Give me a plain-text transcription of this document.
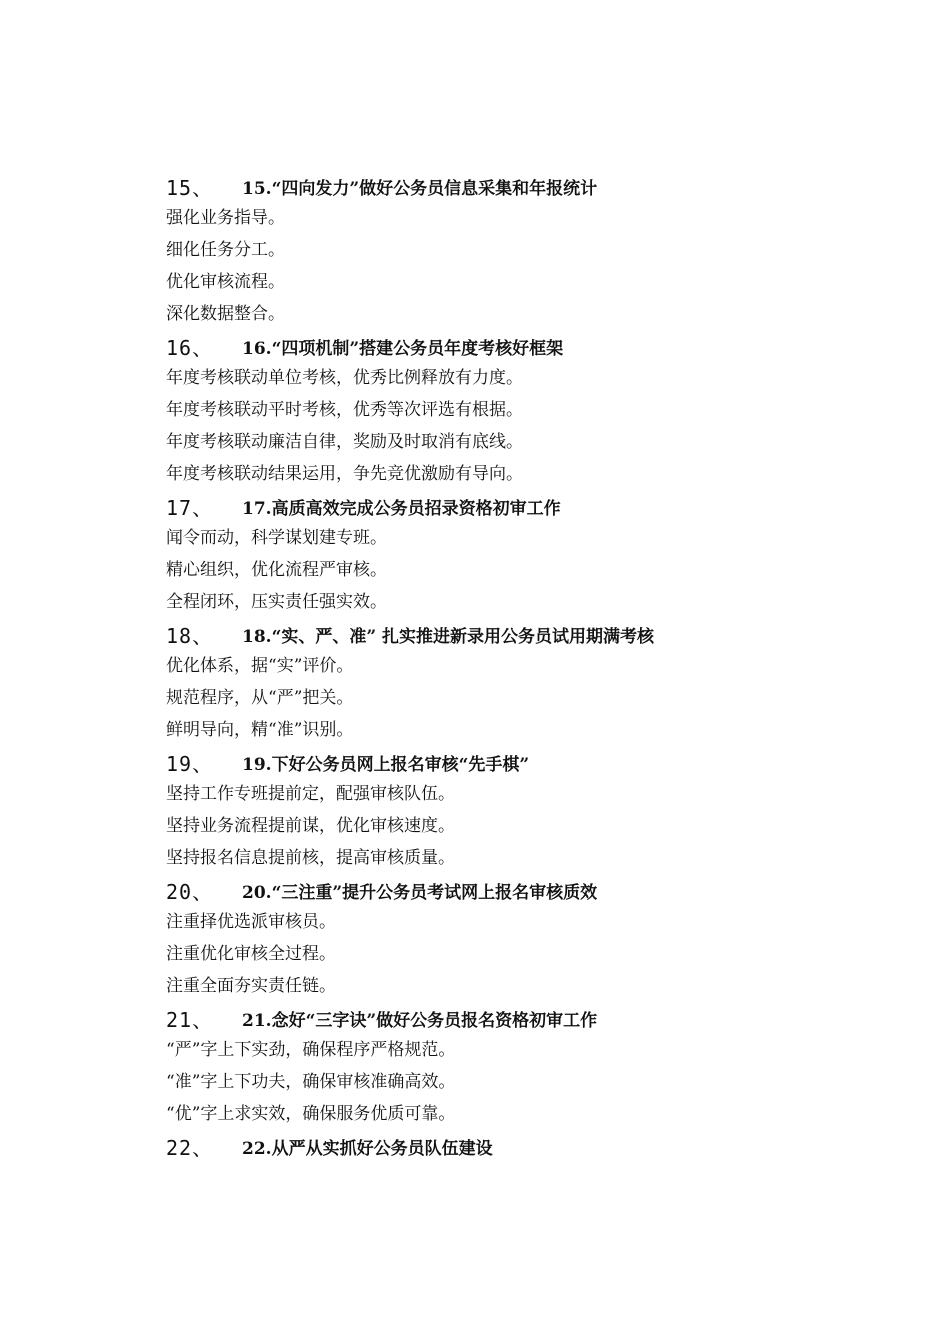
15、	15.“四向发力”做好公务员信息采集和年报统计
强化业务指导。
细化任务分工。
优化审核流程。
深化数据整合。
16、	16.“四项机制”搭建公务员年度考核好框架
年度考核联动单位考核，优秀比例释放有力度。
年度考核联动平时考核，优秀等次评选有根据。
年度考核联动廉洁自律，奖励及时取消有底线。
年度考核联动结果运用，争先竞优激励有导向。
17、	17.高质高效完成公务员招录资格初审工作
闻令而动，科学谋划建专班。
精心组织，优化流程严审核。
全程闭环，压实责任强实效。
18、	18.“实、严、准” 扎实推进新录用公务员试用期满考核
优化体系，据“实”评价。
规范程序，从“严”把关。
鲜明导向，精“准”识别。
19、	19.下好公务员网上报名审核“先手棋”
坚持工作专班提前定，配强审核队伍。
坚持业务流程提前谋，优化审核速度。
坚持报名信息提前核，提高审核质量。
20、	20.“三注重”提升公务员考试网上报名审核质效
注重择优选派审核员。
注重优化审核全过程。
注重全面夯实责任链。
21、	21.念好“三字诀”做好公务员报名资格初审工作
“严”字上下实劲，确保程序严格规范。
“准”字上下功夫，确保审核准确高效。
“优”字上求实效，确保服务优质可靠。
22、	22.从严从实抓好公务员队伍建设
